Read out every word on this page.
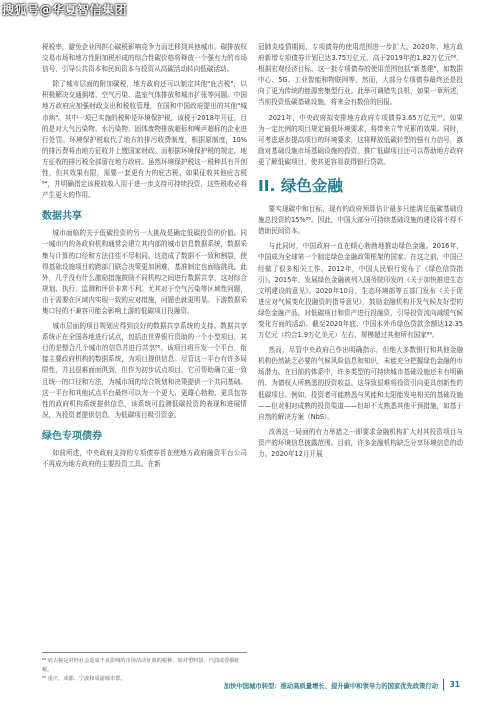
搜狐号@华夏智信集团

税税率，避免企业因担心碳税影响竞争力而迁移到其他城市。碳排放权交易市场和地方性附加税形成的综合性碳价格将释放一个强有力的市场信号，引导公共资本和民间资本与投资从高碳活动转向低碳活动。

除了城市层面的附加碳税，地方政府还可以制定其他"庇古税"，以积极解决交通拥堵、空气污染、温室气体排放和城市扩张等问题。中国地方政府应加强财政支出和税收管理，在国和中国政府提出的其他"城市病"。其中一项已实施的税种是环境保护税，该税于2018年开征，目的是对大气污染物、水污染物、固体废物排放超标和噪声超标的企业进行处罚。环境保护税取代了地方的排污收费制度，根据原制度，10%的排污费将由地方征收并上缴国家财政。而根据环境保护税的规定，地方征收的排污税全部留在地方政府。虽然环境保护税这一税种具有开创性，但其效果有限，需要一套更有力的庇古税。如果征收其他庇古税⁸⁴，并明确指定该税收收入用于进一步支持可持续投资，这些税收必将产生更大的作用。

数据共享

城市面临的关于低碳投资的另一大挑战是确定低碳投资的价值。同一城市内的各政府机构通常会建立其内部的城市信息数据系统，数据采集与计算的口径和方法往往不尽相同。这造成了数据不一致和割裂，使得基础设施项目的跨部门联合决策更加困难，基准制定也面临挑战。此外，几乎没有什么激励措施鼓励不同机构之间进行数据共享，这对综合规划、执行、监测和评价非常不利。尤其对于空气污染等区域性问题，由于需要在区域内实现一致的应对措施，问题也就更明显。下游数据采集口径的不兼容可能会影响上游的低碳项目投融资。

城市层面的项目规划应得到良好的数据共享系统的支持。数据共享系统正在全国各地进行试点，包括由世界银行资助的一个小型项目，其目的是整合几个城市的信息并进行共享⁸⁵。该项目将开发一个平台，衔接主要政府机构的数据系统，为项目提供信息。尽管这一平台有许多局限性，并且很难面面俱到，但作为初步试点项目，它可帮助确立更一致且统一的口径和方法，为城市间的综合规划和决策提供一个共同基础。这一平台和其他试点平台最终可以为一个更大、更雄心勃勃、更具包容性的政府机构系统提供信息，该系统可监测低碳投资的表现和进展情况，为投资者提供信息，为低碳项目吸引资金。

绿色专项债券

如前所述，中央政府支持的专项债券旨在使地方政府融资平台公司不再成为地方政府的主要投资工具。在新

冠肺炎疫情期间，专项债券的使用范围进一步扩大。2020年，地方政府新增专项债券计划已达3.75万亿元，高于2019年的1.82万亿元⁸⁶。根据宏观经济目标，这一批专项债券的使用范围包括"新基建"，如数据中心、5G、工业智能和物联网等。然而，大部分专项债券最终还是投向了更为传统的能源密集型行业。此举可调错失良机，如果一章所述，当前投资低碳基础设施，将来会有数倍的回报。

2021年，中央政府拟安排地方政府专项债券3.65万亿元⁸⁷。如果为一定比例的项目规定最低环境要求，将带来立竿见影的效果。同时，可考虑逐步提高项目的环境要求，这将释放低碳转型的强有力信号，激励对基础设施市场基础设施的投资。推广低碳项目还可以帮助地方政府更了解低碳项目，使其更容易获得银行贷款。

II. 绿色金融

要实现碳中和目标，现有的政府预算估计最多只能满足低碳基础设施总投资的15%⁸⁸。因此，中国大部分可持续基础设施的建设将不得不借助民间资本。

与此同时，中国政府一直在倾心勃勃地推动绿色金融。2016年，中国成为全球第一个制定绿色金融政策框架的国家。在这之前，中国已经做了很多相关工作。2012年，中国人民银行发布了《绿色信贷指引》。2015年，发展绿色金融被列入国务院印发的《关于加快推进生态文明建设的意见》。2020年10月，生态环境部等五部门发布《关于促进应对气候变化投融资的指导意见》，鼓励金融机构开发气候友好型的绿色金融产品，对低碳项目和资产进行投融资，引导投资流向减缓气候变化方面的活动。截至2020年底，中国本外币绿色贷款余额达12.35万亿元（约合1.9万亿美元）左右，规模超过其他所有国家⁸⁹。

然而，尽管中央政府已作出明确指示，但绝大多数银行和其他金融机构仍然缺乏必要的气候风险信息和知识，未能充分把握绿色金融的市场潜力。在目前的体系中，许多类型的可持续城市基础设施还未有明确的、为债权人所熟悉的投资收益。这导致很难将投资引向更具创新性的低碳项目。例如，投资者可能熟悉与风能和太阳能发电相关的基础设施——但对相对成熟的投资渠道——但却不太熟悉其他干预措施，如基于自然的解决方案（NbS）。

改善这一局面的有力举措之一即要求金融机构扩大对其投资项目与资产的环境信息披露范围。目前，许多金融机构缺乏分享环境信息的动力。2020年12月开展

⁸⁴ 庇古税是对经社会造成不良影响的市场活动征收的税种，如对塑料袋、汽油或香烟征税。
⁸⁵ 重庆、成都、宁波和成渝城市群。
加快中国城市转型：推动高质量增长、提升碳中和领导力的国家优先政策行动 31
